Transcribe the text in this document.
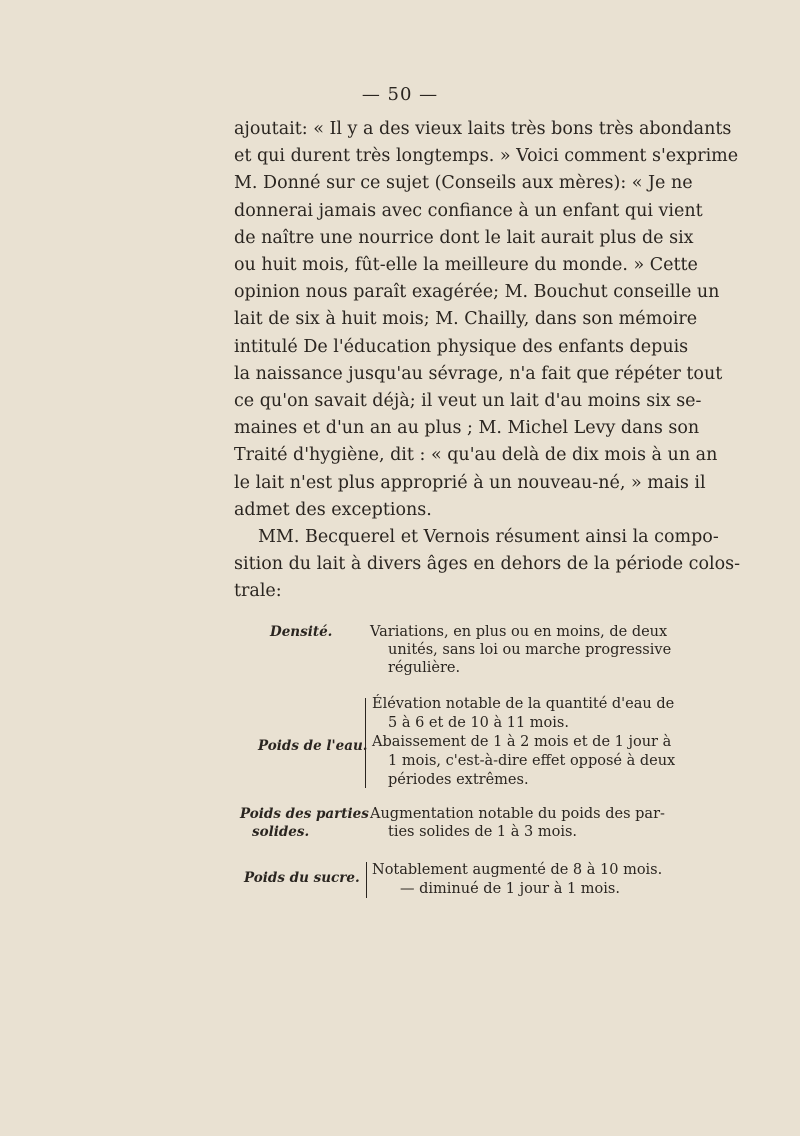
— 50 —
ajoutait: « Il y a des vieux laits très bons très abondants
et qui durent très longtemps. » Voici comment s'exprime
M. Donné sur ce sujet (Conseils aux mères): « Je ne
donnerai jamais avec confiance à un enfant qui vient
de naître une nourrice dont le lait aurait plus de six
ou huit mois, fût-elle la meilleure du monde. » Cette
opinion nous paraît exagérée; M. Bouchut conseille un
lait de six à huit mois; M. Chailly, dans son mémoire
intitulé De l'éducation physique des enfants depuis
la naissance jusqu'au sévrage, n'a fait que répéter tout
ce qu'on savait déjà; il veut un lait d'au moins six se-
maines et d'un an au plus ; M. Michel Levy dans son
Traité d'hygiène, dit : « qu'au delà de dix mois à un an
le lait n'est plus approprié à un nouveau-né, » mais il
admet des exceptions.
MM. Becquerel et Vernois résument ainsi la compo-
sition du lait à divers âges en dehors de la période colos-
trale:
Densité.	Variations, en plus ou en moins, de deux
unités, sans loi ou marche progressive
régulière.
Poids de l'eau.
Élévation notable de la quantité d'eau de
5 à 6 et de 10 à 11 mois.
Abaissement de 1 à 2 mois et de 1 jour à
1 mois, c'est-à-dire effet opposé à deux
périodes extrêmes.
Poids des parties
solides.
Augmentation notable du poids des par-
ties solides de 1 à 3 mois.
Poids du sucre. Notablement augmenté de 8 à 10 mois.
— diminué de 1 jour à 1 mois.
